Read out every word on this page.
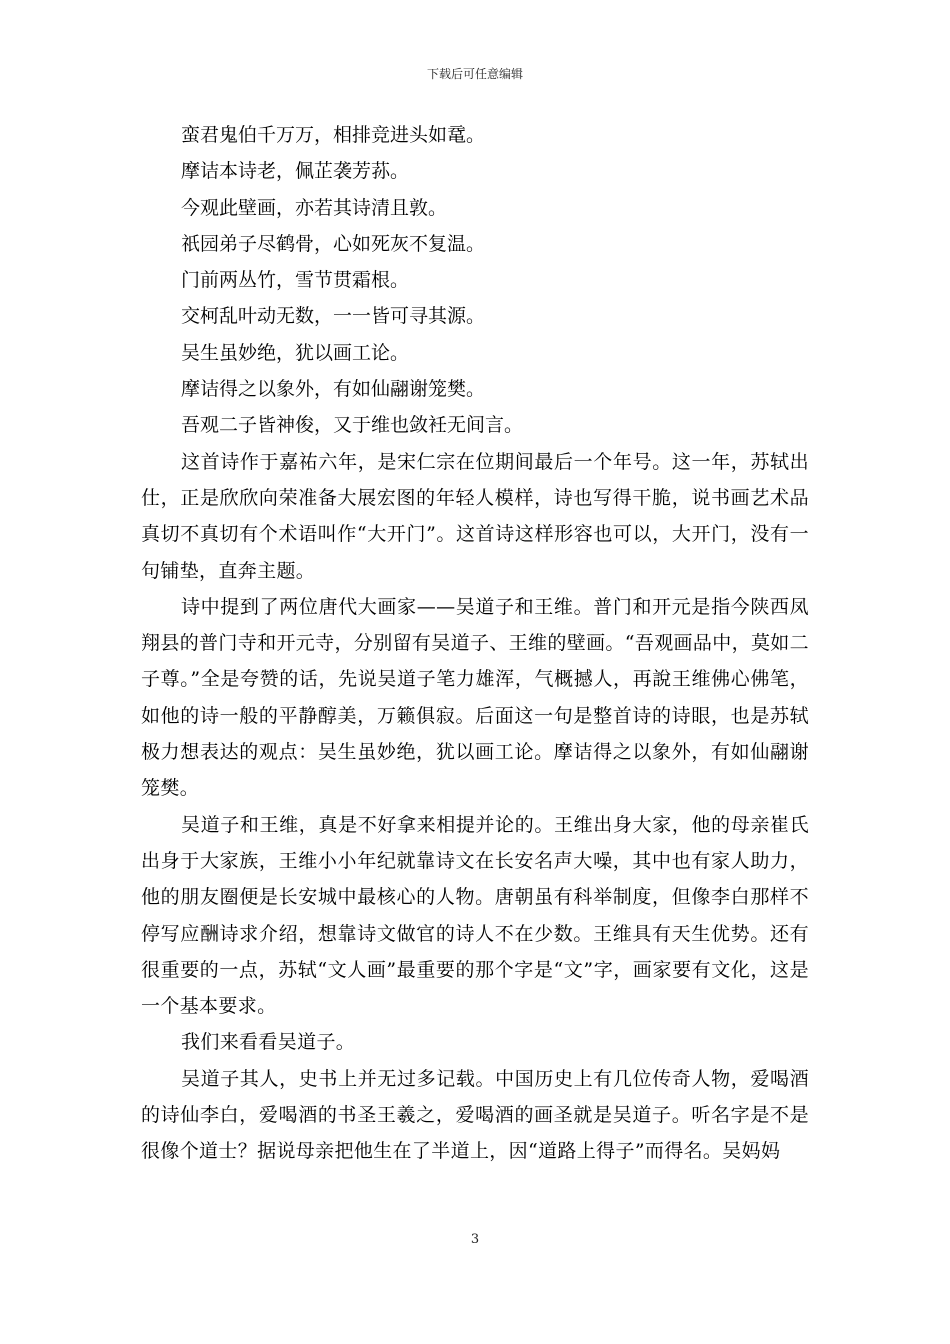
下载后可任意编辑
蛮君鬼伯千万万，相排竞进头如鼋。
摩诘本诗老，佩芷袭芳荪。
今观此壁画，亦若其诗清且敦。
祇园弟子尽鹤骨，心如死灰不复温。
门前两丛竹，雪节贯霜根。
交柯乱叶动无数，一一皆可寻其源。
吴生虽妙绝，犹以画工论。
摩诘得之以象外，有如仙翮谢笼樊。
吾观二子皆神俊，又于维也敛衽无间言。

这首诗作于嘉祐六年，是宋仁宗在位期间最后一个年号。这一年，苏轼出仕，正是欣欣向荣准备大展宏图的年轻人模样，诗也写得干脆，说书画艺术品真切不真切有个术语叫作“大开门”。这首诗这样形容也可以，大开门，没有一句铺垫，直奔主题。

诗中提到了两位唐代大画家——吴道子和王维。普门和开元是指今陕西凤翔县的普门寺和开元寺，分别留有吴道子、王维的壁画。“吾观画品中，莫如二子尊。”全是夸赞的话，先说吴道子笔力雄浑，气概撼人，再說王维佛心佛笔，如他的诗一般的平静醇美，万籁俱寂。后面这一句是整首诗的诗眼，也是苏轼极力想表达的观点：吴生虽妙绝，犹以画工论。摩诘得之以象外，有如仙翮谢笼樊。

吴道子和王维，真是不好拿来相提并论的。王维出身大家，他的母亲崔氏出身于大家族，王维小小年纪就靠诗文在长安名声大噪，其中也有家人助力，他的朋友圈便是长安城中最核心的人物。唐朝虽有科举制度，但像李白那样不停写应酬诗求介绍，想靠诗文做官的诗人不在少数。王维具有天生优势。还有很重要的一点，苏轼“文人画”最重要的那个字是“文”字，画家要有文化，这是一个基本要求。

我们来看看吴道子。

吴道子其人，史书上并无过多记载。中国历史上有几位传奇人物，爱喝酒的诗仙李白，爱喝酒的书圣王羲之，爱喝酒的画圣就是吴道子。听名字是不是很像个道士？据说母亲把他生在了半道上，因“道路上得子”而得名。吴妈妈

3
